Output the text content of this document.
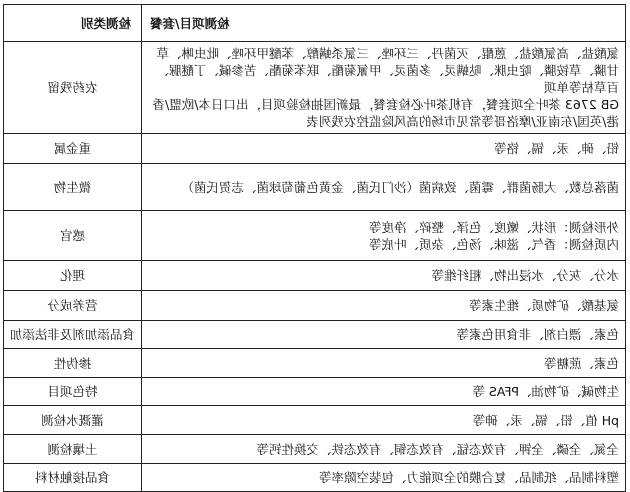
检测项目/套餐	检测类别

氯酸盐、高氯酸盐、蒽醌、灭菌丹、三环唑、三氯杀螨醇、苯醚甲环唑、吡虫啉、草甘膦、草铵膦、啶虫脒、哒螨灵、多菌灵、甲氰菊酯、联苯菊酯、苦参碱、丁醚脲、百草枯等单项
GB 2763 茶叶全项套餐，有机茶叶必检套餐，最新国抽检验项目，出口日本/欧盟/香港/英国/东南亚/摩洛哥等常见市场的高风险监控农残列表	农药残留
铅、砷、汞、镉、铬等	重金属
菌落总数、大肠菌群、霉菌、致病菌（沙门氏菌、金黄色葡萄球菌、志贺氏菌）	微生物

外形检测：形状、嫩度、色泽、整碎、净度等
内质检测：香气、滋味、汤色、杂质、叶底等	感官
水分、灰分、水浸出物、粗纤维等	理化
氨基酸、矿物质、维生素等	营养成分
色素、漂白剂、非食用色素等	食品添加剂及非法添加
色素、蔗糖等	掺伪性
生物碱、矿物油、PFAS 等	特色项目
pH 值、铅、镉、汞、砷等	灌溉水检测
全氮、全磷、全钾、有效态锰、有效态铜、有效态铁、交换性钙等	土壤检测
塑料制品、纸制品、复合膜的全项能力、包装空隙率等	食品接触材料
